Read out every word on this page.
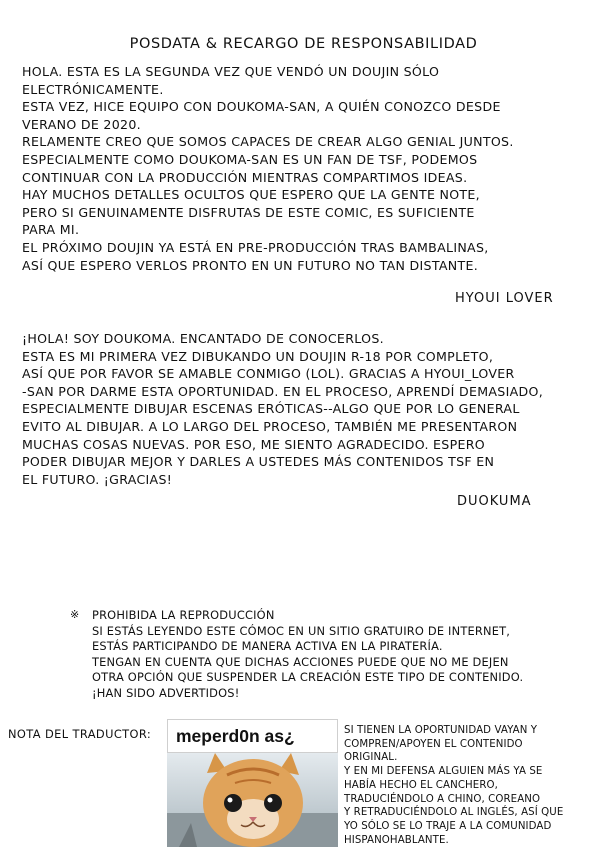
POSDATA & RECARGO DE RESPONSABILIDAD
HOLA. ESTA ES LA SEGUNDA VEZ QUE VENDÓ UN DOUJIN SÓLO
ELECTRÓNICAMENTE.
ESTA VEZ, HICE EQUIPO CON DOUKOMA-SAN, A QUIÉN CONOZCO DESDE
VERANO DE 2020.
RELAMENTE CREO QUE SOMOS CAPACES DE CREAR ALGO GENIAL JUNTOS.
ESPECIALMENTE COMO DOUKOMA-SAN ES UN FAN DE TSF, PODEMOS
CONTINUAR CON LA PRODUCCIÓN MIENTRAS COMPARTIMOS IDEAS.
HAY MUCHOS DETALLES OCULTOS QUE ESPERO QUE LA GENTE NOTE,
PERO SI GENUINAMENTE DISFRUTAS DE ESTE COMIC, ES SUFICIENTE
PARA MI.
EL PRÓXIMO DOUJIN YA ESTÁ EN PRE-PRODUCCIÓN TRAS BAMBALINAS,
ASÍ QUE ESPERO VERLOS PRONTO EN UN FUTURO NO TAN DISTANTE.
HYOUI LOVER
¡HOLA! SOY DOUKOMA. ENCANTADO DE CONOCERLOS.
ESTA ES MI PRIMERA VEZ DIBUKANDO UN DOUJIN R-18 POR COMPLETO,
ASÍ QUE POR FAVOR SE AMABLE CONMIGO (LOL). GRACIAS A HYOUI_LOVER
-SAN POR DARME ESTA OPORTUNIDAD. EN EL PROCESO, APRENDÍ DEMASIADO,
ESPECIALMENTE DIBUJAR ESCENAS ERÓTICAS--ALGO QUE POR LO GENERAL
EVITO AL DIBUJAR. A LO LARGO DEL PROCESO, TAMBIÉN ME PRESENTARON
MUCHAS COSAS NUEVAS. POR ESO, ME SIENTO AGRADECIDO. ESPERO
PODER DIBUJAR MEJOR Y DARLES A USTEDES MÁS CONTENIDOS TSF EN
EL FUTURO. ¡GRACIAS!
DUOKUMA
※ PROHIBIDA LA REPRODUCCIÓN
SI ESTÁS LEYENDO ESTE CÓMOC EN UN SITIO GRATUIRO DE INTERNET,
ESTÁS PARTICIPANDO DE MANERA ACTIVA EN LA PIRATERÍA.
TENGAN EN CUENTA QUE DICHAS ACCIONES PUEDE QUE NO ME DEJEN
OTRA OPCIÓN QUE SUSPENDER LA CREACIÓN ESTE TIPO DE CONTENIDO.
¡HAN SIDO ADVERTIDOS!
NOTA DEL TRADUCTOR:	meperd0n as¿	SI TIENEN LA OPORTUNIDAD VAYAN Y
COMPREN/APOYEN EL CONTENIDO
ORIGINAL.
Y EN MI DEFENSA ALGUIEN MÁS YA SE
HABÍA HECHO EL CANCHERO,
TRADUCIÉNDOLO A CHINO, COREANO
Y RETRADUCIÉNDOLO AL INGLÉS, ASÍ QUE
YO SÓLO SE LO TRAJE A LA COMUNIDAD
HISPANOHABLANTE.
